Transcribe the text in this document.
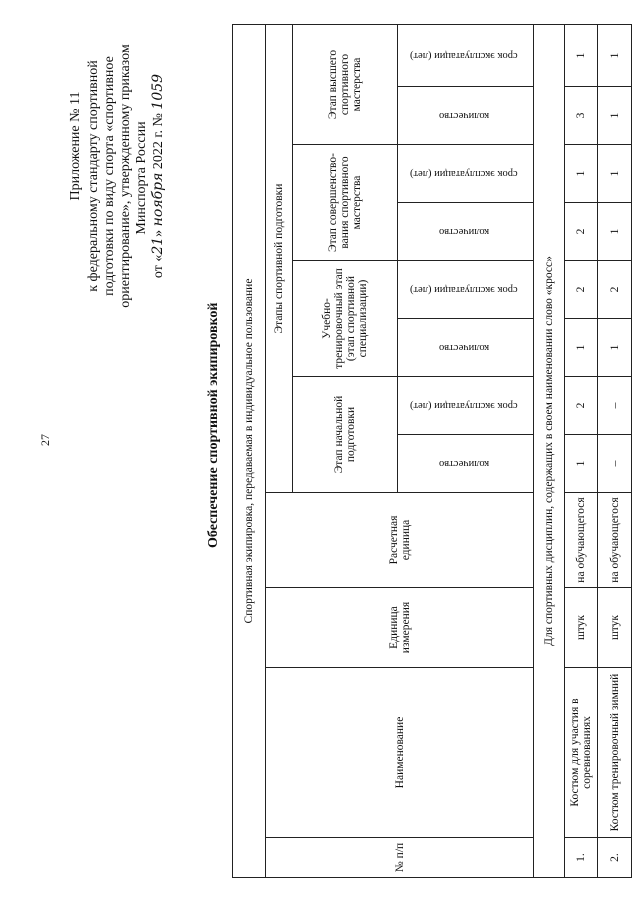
27
Приложение № 11 к федеральному стандарту спортивной подготовки по виду спорта «спортивное ориентирование», утвержденному приказом Минспорта России
от «21» ноября 2022 г. № 1059
Обеспечение спортивной экипировкой Спортивная экипировка, передаваемая в индивидуальное пользование											
№ п/п	Наименование	Единица измерения	Расчетная единица	Этапы спортивной подготовки							
				Этап начальной подготовки		Учебно-тренировочный этап (этап спортивной специализации)		Этап совершенство-вания спортивного мастерства		Этап высшего спортивного мастерства	
				количество	срок эксплуатации (лет)	количество	срок эксплуатации (лет)	количество	срок эксплуатации (лет)	количество	срок эксплуатации (лет)
Для спортивных дисциплин, содержащих в своем наименовании слово «кросс»											
1.	Костюм для участия в соревнованиях	штук	на обучающегося	1	2	1	2	2	1	3	1
2.	Костюм тренировочный зимний	штук	на обучающегося	–	–	1	2	1	1	1	1
